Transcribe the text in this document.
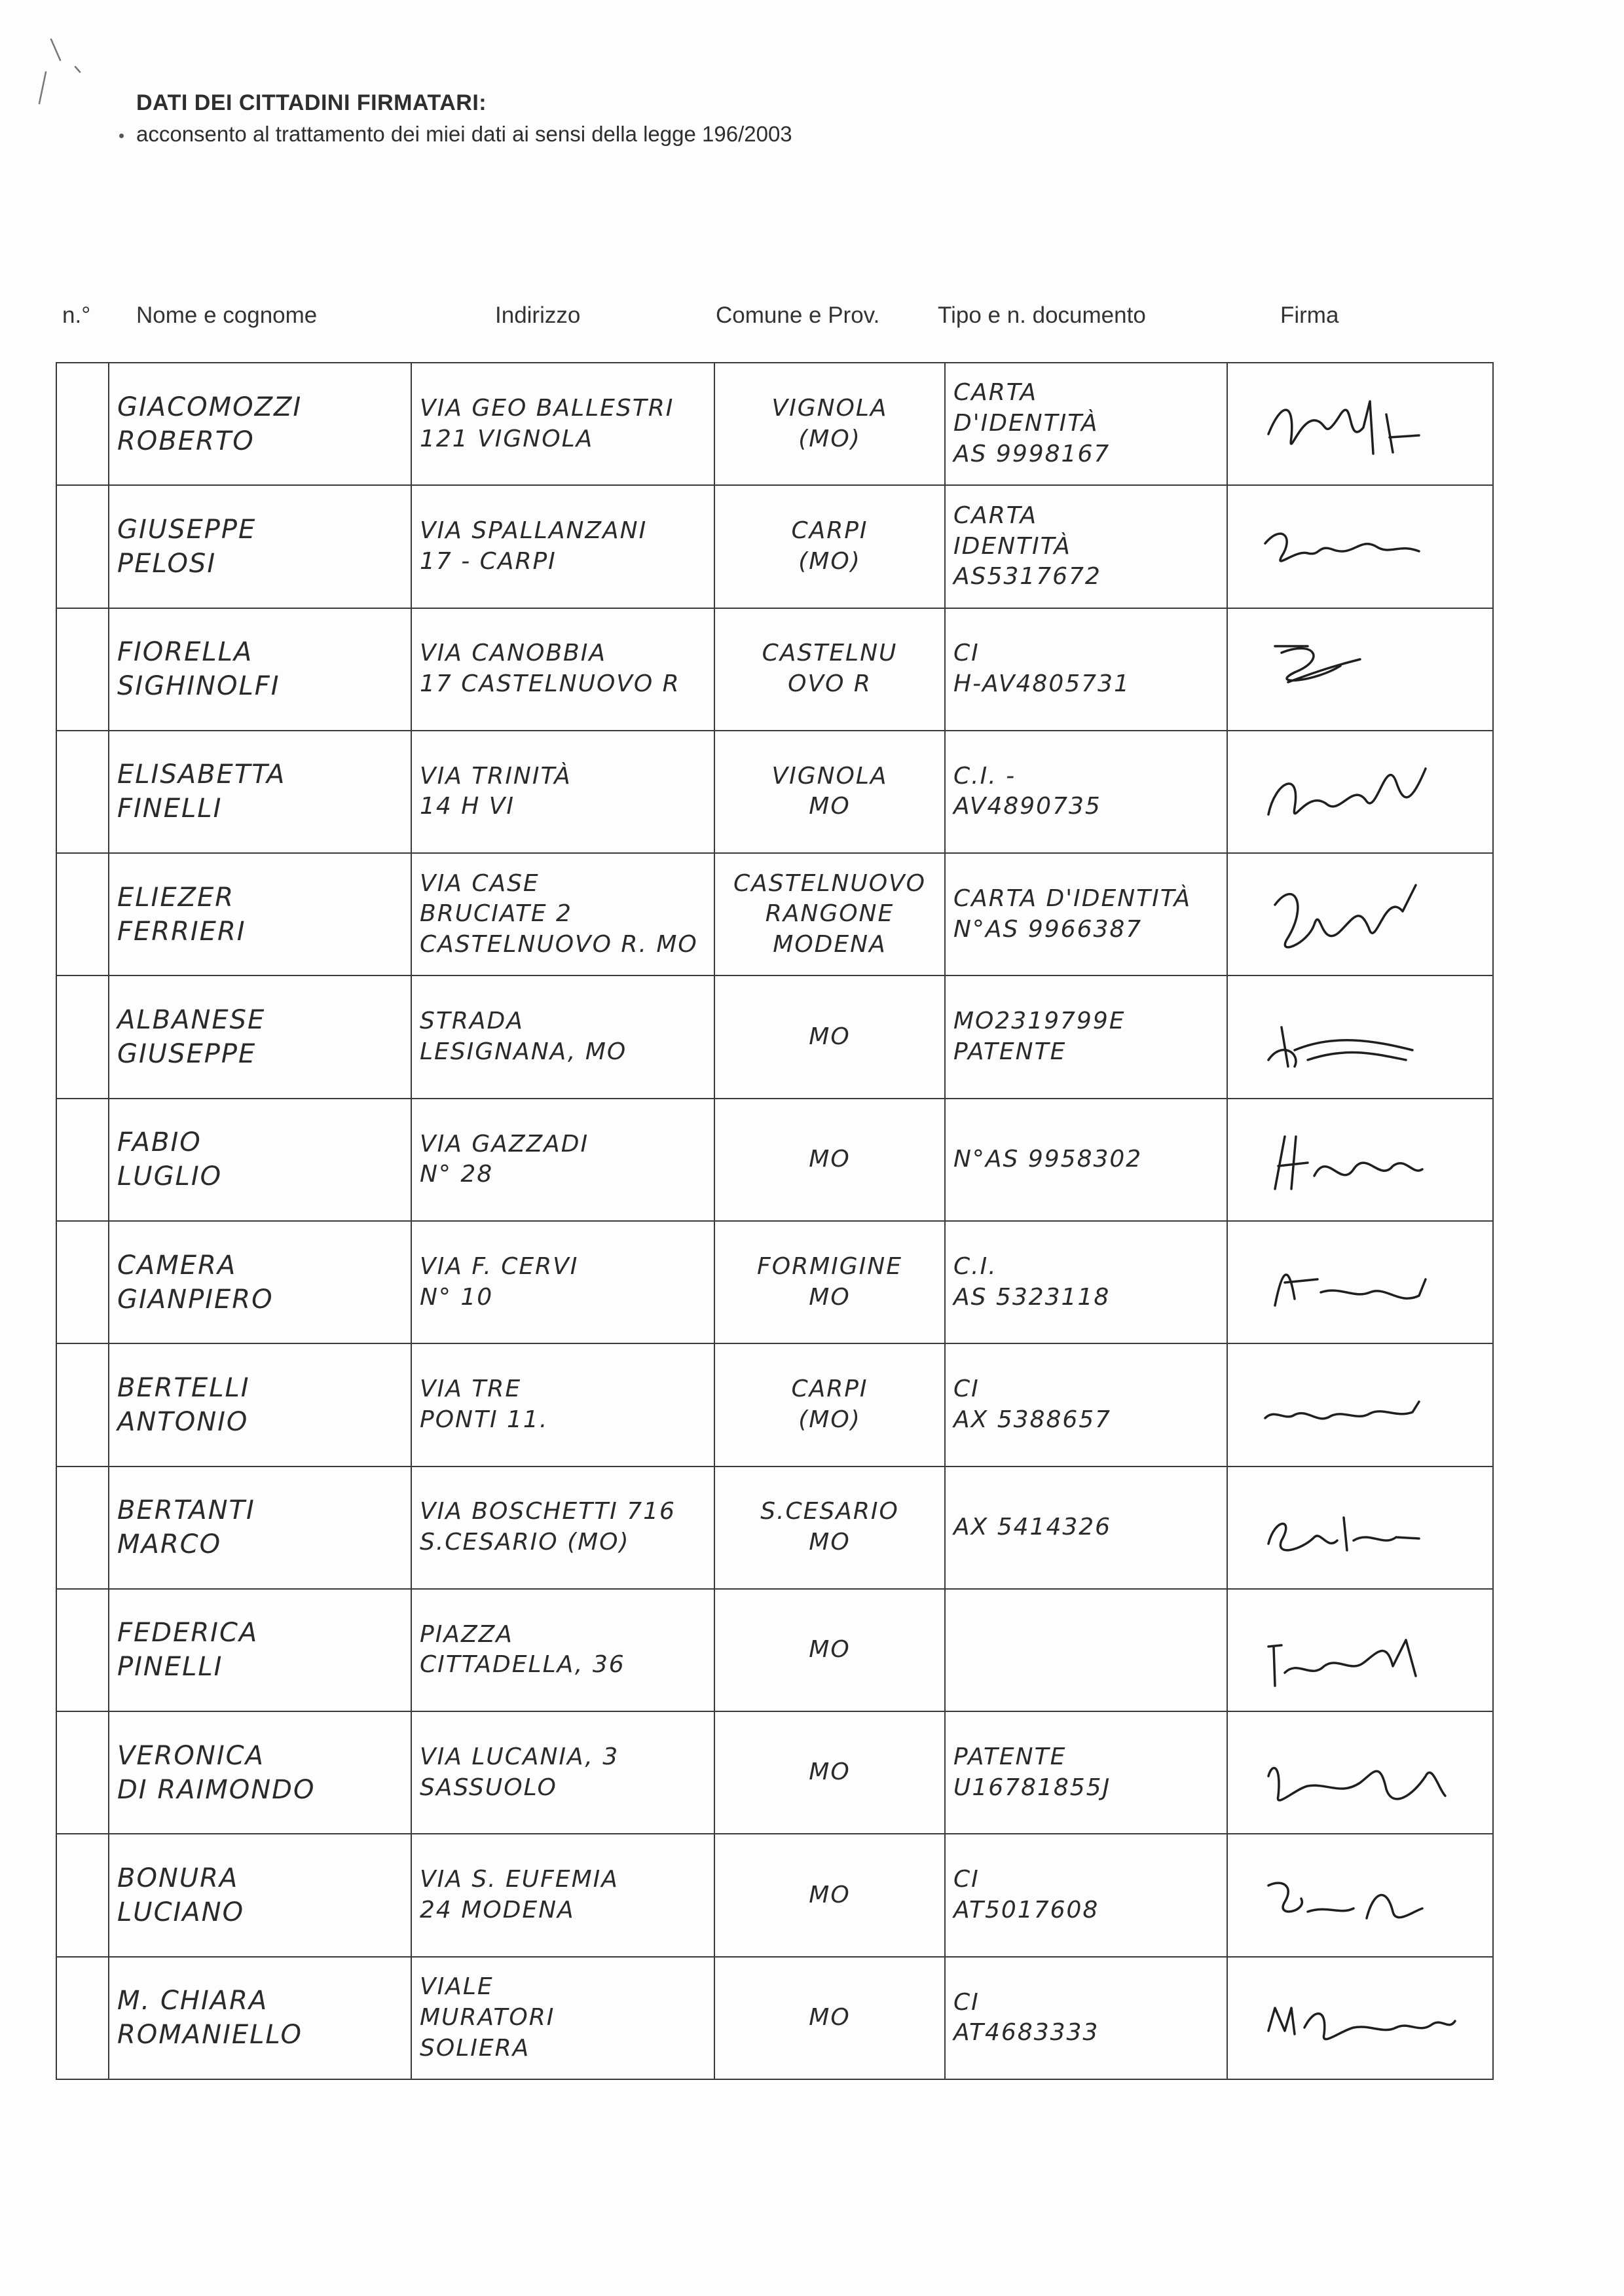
DATI DEI CITTADINI FIRMATARI:
acconsento al trattamento dei miei dati ai sensi della legge 196/2003
n.° Nome e cognome	Indirizzo	Comune e Prov.	Tipo e n. documento	Firma

	GIACOMOZZI
ROBERTO	VIA GEO BALLESTRI
121 VIGNOLA	VIGNOLA
(MO)	CARTA
D'IDENTITÀ
AS 9998167

	GIUSEPPE
PELOSI	VIA SPALLANZANI
17 - CARPI	CARPI
(MO)	CARTA
IDENTITÀ
AS5317672

	FIORELLA
SIGHINOLFI	VIA CANOBBIA
17 CASTELNUOVO R	CASTELNU
OVO R	CI
H-AV4805731

	ELISABETTA
FINELLI	VIA TRINITÀ
14 H VI	VIGNOLA
MO	C.I. -
AV4890735

	ELIEZER
FERRIERI	VIA CASE
BRUCIATE 2
CASTELNUOVO R. MO	CASTELNUOVO
RANGONE
MODENA	CARTA D'IDENTITÀ
N°AS 9966387

	ALBANESE
GIUSEPPE	STRADA
LESIGNANA, MO	MO	MO2319799E
PATENTE

	FABIO
LUGLIO	VIA GAZZADI
N° 28	MO	N°AS 9958302

	CAMERA
GIANPIERO	VIA F. CERVI
N° 10	FORMIGINE
MO	C.I.
AS 5323118

	BERTELLI
ANTONIO	VIA TRE
PONTI 11.	CARPI
(MO)	CI
AX 5388657

	BERTANTI
MARCO	VIA BOSCHETTI 716
S.CESARIO (MO)	S.CESARIO
MO	AX 5414326

	FEDERICA
PINELLI	PIAZZA
CITTADELLA, 36	MO

	VERONICA
DI RAIMONDO	VIA LUCANIA, 3
SASSUOLO	MO	PATENTE
U16781855J

	BONURA
LUCIANO	VIA S. EUFEMIA
24 MODENA	MO	CI
AT5017608

	M. CHIARA
ROMANIELLO	VIALE
MURATORI
SOLIERA	MO	CI
AT4683333
